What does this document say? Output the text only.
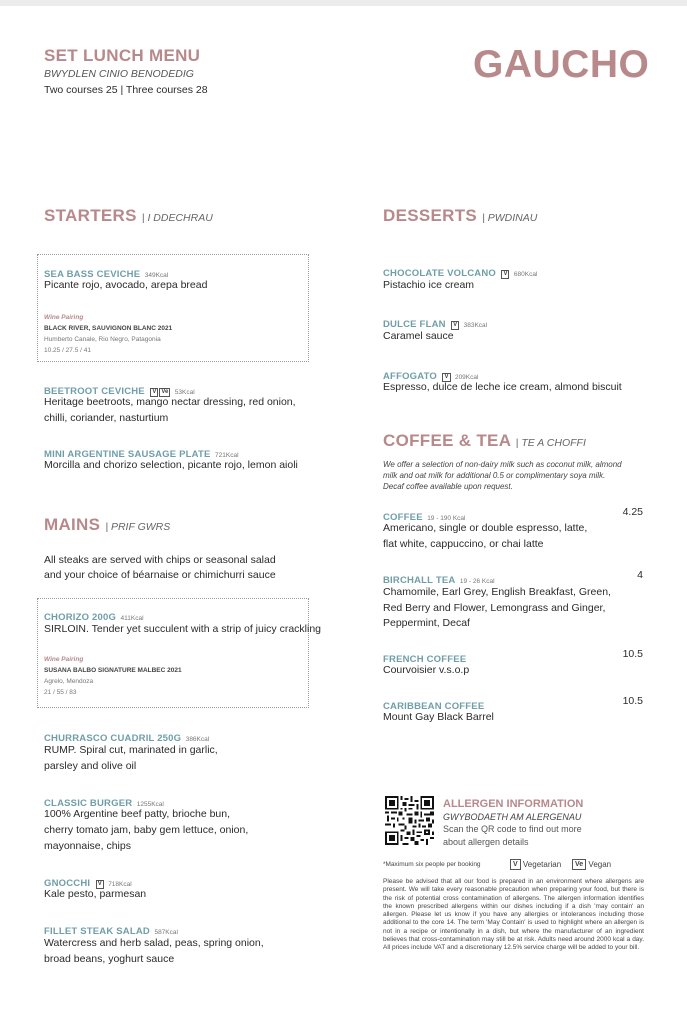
SET LUNCH MENU
BWYDLEN CINIO BENODEDIG
Two courses 25 | Three courses 28
GAUCHO
STARTERS | I DDECHRAU
SEA BASS CEVICHE 349Kcal
Picante rojo, avocado, arepa bread
Wine Pairing
BLACK RIVER, SAUVIGNON BLANC 2021
Humberto Canale, Rio Negro, Patagonia
10.25 / 27.5 / 41
BEETROOT CEVICHE V Ve 53Kcal
Heritage beetroots, mango nectar dressing, red onion,
chilli, coriander, nasturtium
MINI ARGENTINE SAUSAGE PLATE 721Kcal
Morcilla and chorizo selection, picante rojo, lemon aioli
MAINS | PRIF GWRS
All steaks are served with chips or seasonal salad
and your choice of béarnaise or chimichurri sauce
CHORIZO 200G 411Kcal
SIRLOIN. Tender yet succulent with a strip of juicy crackling
Wine Pairing
SUSANA BALBO SIGNATURE MALBEC 2021
Agrelo, Mendoza
21 / 55 / 83
CHURRASCO CUADRIL 250G 386Kcal
RUMP. Spiral cut, marinated in garlic,
parsley and olive oil
CLASSIC BURGER 1255Kcal
100% Argentine beef patty, brioche bun,
cherry tomato jam, baby gem lettuce, onion,
mayonnaise, chips
GNOCCHI V 718Kcal
Kale pesto, parmesan
FILLET STEAK SALAD 587Kcal
Watercress and herb salad, peas, spring onion,
broad beans, yoghurt sauce
DESSERTS | PWDINAU
CHOCOLATE VOLCANO V 680Kcal
Pistachio ice cream
DULCE FLAN V 383Kcal
Caramel sauce
AFFOGATO V 209Kcal
Espresso, dulce de leche ice cream, almond biscuit
COFFEE & TEA | TE A CHOFFI
We offer a selection of non-dairy milk such as coconut milk, almond
milk and oat milk for additional 0.5 or complimentary soya milk.
Decaf coffee available upon request.
COFFEE 19 - 190 Kcal
4.25
Americano, single or double espresso, latte,
flat white, cappuccino, or chai latte
BIRCHALL TEA 19 - 26 Kcal
4
Chamomile, Earl Grey, English Breakfast, Green,
Red Berry and Flower, Lemongrass and Ginger,
Peppermint, Decaf
FRENCH COFFEE	10.5
Courvoisier v.s.o.p
CARIBBEAN COFFEE	10.5
Mount Gay Black Barrel
ALLERGEN INFORMATION
GWYBODAETH AM ALERGENAU
Scan the QR code to find out more
about allergen details
*Maximum six people per booking	V Vegetarian	Ve Vegan
Please be advised that all our food is prepared in an environment where allergens are present. We will take every reasonable precaution when preparing your food, but there is the risk of potential cross contamination of allergens. The allergen information identifies the known prescribed allergens within our dishes including if a dish 'may contain' an allergen. Please let us know if you have any allergies or intolerances including those additional to the core 14. The term 'May Contain' is used to highlight where an allergen is not in a recipe or intentionally in a dish, but where the manufacturer of an ingredient believes that cross-contamination may still be at risk. Adults need around 2000 kcal a day. All prices include VAT and a discretionary 12.5% service charge will be added to your bill.
